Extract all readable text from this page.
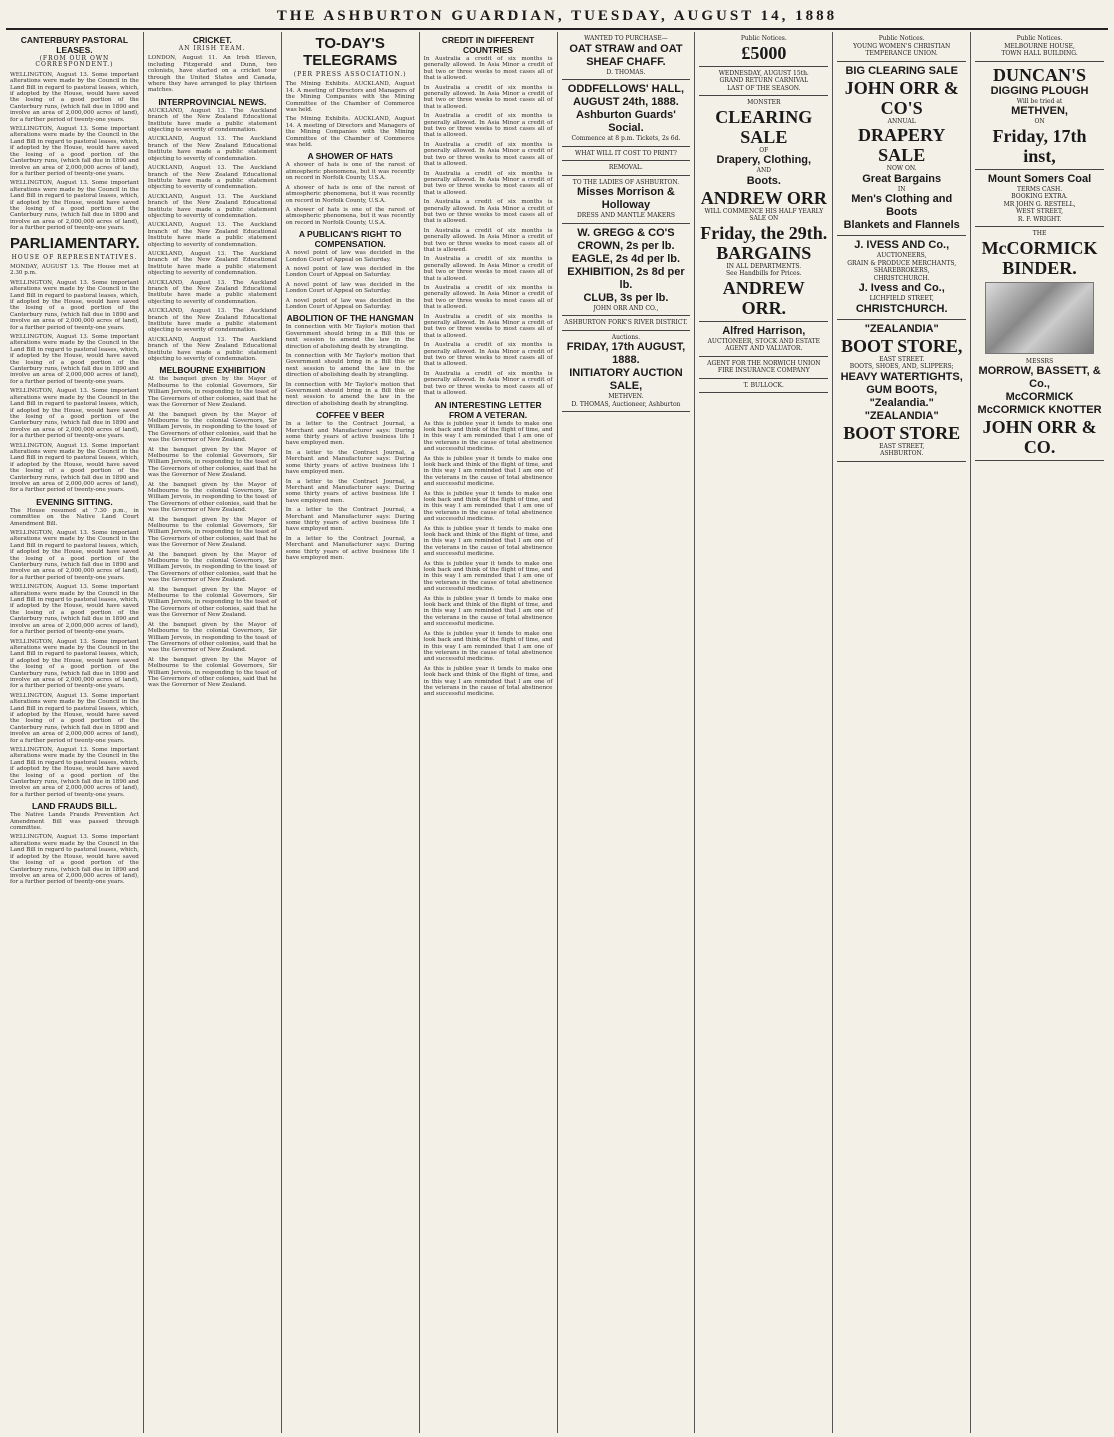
THE ASHBURTON GUARDIAN, TUESDAY, AUGUST 14, 1888
CANTERBURY PASTORAL LEASES.
(FROM OUR OWN CORRESPONDENT.)
WELLINGTON, August 13. Some important alterations were made by the Council in the Land Bill in regard to pastoral leases, which, if adopted by the House, would have saved the losing of a good portion of the Canterbury runs, (which fall due in 1890 and involve an area of 2,000,000 acres of land), for a further period of twenty-one years.
WELLINGTON, August 13. Some important alterations were made by the Council in the Land Bill in regard to pastoral leases, which, if adopted by the House, would have saved the losing of a good portion of the Canterbury runs, (which fall due in 1890 and involve an area of 2,000,000 acres of land), for a further period of twenty-one years.
WELLINGTON, August 13. Some important alterations were made by the Council in the Land Bill in regard to pastoral leases, which, if adopted by the House, would have saved the losing of a good portion of the Canterbury runs, (which fall due in 1890 and involve an area of 2,000,000 acres of land), for a further period of twenty-one years.
PARLIAMENTARY.
HOUSE OF REPRESENTATIVES.
MONDAY, AUGUST 13. The House met at 2.30 p.m.
WELLINGTON, August 13. Some important alterations were made by the Council in the Land Bill in regard to pastoral leases, which, if adopted by the House, would have saved the losing of a good portion of the Canterbury runs, (which fall due in 1890 and involve an area of 2,000,000 acres of land), for a further period of twenty-one years.
WELLINGTON, August 13. Some important alterations were made by the Council in the Land Bill in regard to pastoral leases, which, if adopted by the House, would have saved the losing of a good portion of the Canterbury runs, (which fall due in 1890 and involve an area of 2,000,000 acres of land), for a further period of twenty-one years.
WELLINGTON, August 13. Some important alterations were made by the Council in the Land Bill in regard to pastoral leases, which, if adopted by the House, would have saved the losing of a good portion of the Canterbury runs, (which fall due in 1890 and involve an area of 2,000,000 acres of land), for a further period of twenty-one years.
WELLINGTON, August 13. Some important alterations were made by the Council in the Land Bill in regard to pastoral leases, which, if adopted by the House, would have saved the losing of a good portion of the Canterbury runs, (which fall due in 1890 and involve an area of 2,000,000 acres of land), for a further period of twenty-one years.
EVENING SITTING.
The House resumed at 7.30 p.m., in committee on the Native Land Court Amendment Bill.
WELLINGTON, August 13. Some important alterations were made by the Council in the Land Bill in regard to pastoral leases, which, if adopted by the House, would have saved the losing of a good portion of the Canterbury runs, (which fall due in 1890 and involve an area of 2,000,000 acres of land), for a further period of twenty-one years.
WELLINGTON, August 13. Some important alterations were made by the Council in the Land Bill in regard to pastoral leases, which, if adopted by the House, would have saved the losing of a good portion of the Canterbury runs, (which fall due in 1890 and involve an area of 2,000,000 acres of land), for a further period of twenty-one years.
WELLINGTON, August 13. Some important alterations were made by the Council in the Land Bill in regard to pastoral leases, which, if adopted by the House, would have saved the losing of a good portion of the Canterbury runs, (which fall due in 1890 and involve an area of 2,000,000 acres of land), for a further period of twenty-one years.
WELLINGTON, August 13. Some important alterations were made by the Council in the Land Bill in regard to pastoral leases, which, if adopted by the House, would have saved the losing of a good portion of the Canterbury runs, (which fall due in 1890 and involve an area of 2,000,000 acres of land), for a further period of twenty-one years.
WELLINGTON, August 13. Some important alterations were made by the Council in the Land Bill in regard to pastoral leases, which, if adopted by the House, would have saved the losing of a good portion of the Canterbury runs, (which fall due in 1890 and involve an area of 2,000,000 acres of land), for a further period of twenty-one years.
LAND FRAUDS BILL.
The Native Lands Frauds Prevention Act Amendment Bill was passed through committee.
WELLINGTON, August 13. Some important alterations were made by the Council in the Land Bill in regard to pastoral leases, which, if adopted by the House, would have saved the losing of a good portion of the Canterbury runs, (which fall due in 1890 and involve an area of 2,000,000 acres of land), for a further period of twenty-one years.
CRICKET.
AN IRISH TEAM.
LONDON, August 11. An Irish Eleven, including Fitzgerald and Dunn, two colonists, have started on a cricket tour through the United States and Canada, where they have arranged to play thirteen matches.
INTERPROVINCIAL NEWS.
AUCKLAND, August 13. The Auckland branch of the New Zealand Educational Institute have made a public statement objecting to severity of condemnation.
AUCKLAND, August 13. The Auckland branch of the New Zealand Educational Institute have made a public statement objecting to severity of condemnation.
AUCKLAND, August 13. The Auckland branch of the New Zealand Educational Institute have made a public statement objecting to severity of condemnation.
AUCKLAND, August 13. The Auckland branch of the New Zealand Educational Institute have made a public statement objecting to severity of condemnation.
AUCKLAND, August 13. The Auckland branch of the New Zealand Educational Institute have made a public statement objecting to severity of condemnation.
AUCKLAND, August 13. The Auckland branch of the New Zealand Educational Institute have made a public statement objecting to severity of condemnation.
AUCKLAND, August 13. The Auckland branch of the New Zealand Educational Institute have made a public statement objecting to severity of condemnation.
AUCKLAND, August 13. The Auckland branch of the New Zealand Educational Institute have made a public statement objecting to severity of condemnation.
AUCKLAND, August 13. The Auckland branch of the New Zealand Educational Institute have made a public statement objecting to severity of condemnation.
MELBOURNE EXHIBITION
At the banquet given by the Mayor of Melbourne to the colonial Governors, Sir William Jervois, in responding to the toast of The Governors of other colonies, said that he was the Governor of New Zealand.
At the banquet given by the Mayor of Melbourne to the colonial Governors, Sir William Jervois, in responding to the toast of The Governors of other colonies, said that he was the Governor of New Zealand.
At the banquet given by the Mayor of Melbourne to the colonial Governors, Sir William Jervois, in responding to the toast of The Governors of other colonies, said that he was the Governor of New Zealand.
At the banquet given by the Mayor of Melbourne to the colonial Governors, Sir William Jervois, in responding to the toast of The Governors of other colonies, said that he was the Governor of New Zealand.
At the banquet given by the Mayor of Melbourne to the colonial Governors, Sir William Jervois, in responding to the toast of The Governors of other colonies, said that he was the Governor of New Zealand.
At the banquet given by the Mayor of Melbourne to the colonial Governors, Sir William Jervois, in responding to the toast of The Governors of other colonies, said that he was the Governor of New Zealand.
At the banquet given by the Mayor of Melbourne to the colonial Governors, Sir William Jervois, in responding to the toast of The Governors of other colonies, said that he was the Governor of New Zealand.
At the banquet given by the Mayor of Melbourne to the colonial Governors, Sir William Jervois, in responding to the toast of The Governors of other colonies, said that he was the Governor of New Zealand.
At the banquet given by the Mayor of Melbourne to the colonial Governors, Sir William Jervois, in responding to the toast of The Governors of other colonies, said that he was the Governor of New Zealand.
TO-DAY'S TELEGRAMS
(PER PRESS ASSOCIATION.)
The Mining Exhibits. AUCKLAND, August 14. A meeting of Directors and Managers of the Mining Companies with the Mining Committee of the Chamber of Commerce was held.
The Mining Exhibits. AUCKLAND, August 14. A meeting of Directors and Managers of the Mining Companies with the Mining Committee of the Chamber of Commerce was held.
A SHOWER OF HATS
A shower of hats is one of the rarest of atmospheric phenomena, but it was recently on record in Norfolk County, U.S.A.
A shower of hats is one of the rarest of atmospheric phenomena, but it was recently on record in Norfolk County, U.S.A.
A shower of hats is one of the rarest of atmospheric phenomena, but it was recently on record in Norfolk County, U.S.A.
A PUBLICAN'S RIGHT TO COMPENSATION.
A novel point of law was decided in the London Court of Appeal on Saturday.
A novel point of law was decided in the London Court of Appeal on Saturday.
A novel point of law was decided in the London Court of Appeal on Saturday.
A novel point of law was decided in the London Court of Appeal on Saturday.
ABOLITION OF THE HANGMAN
In connection with Mr Taylor's motion that Government should bring in a Bill this or next session to amend the law in the direction of abolishing death by strangling.
In connection with Mr Taylor's motion that Government should bring in a Bill this or next session to amend the law in the direction of abolishing death by strangling.
In connection with Mr Taylor's motion that Government should bring in a Bill this or next session to amend the law in the direction of abolishing death by strangling.
COFFEE V BEER
In a letter to the Contract Journal, a Merchant and Manufacturer says: During some thirty years of active business life I have employed men.
In a letter to the Contract Journal, a Merchant and Manufacturer says: During some thirty years of active business life I have employed men.
In a letter to the Contract Journal, a Merchant and Manufacturer says: During some thirty years of active business life I have employed men.
In a letter to the Contract Journal, a Merchant and Manufacturer says: During some thirty years of active business life I have employed men.
In a letter to the Contract Journal, a Merchant and Manufacturer says: During some thirty years of active business life I have employed men.
CREDIT IN DIFFERENT COUNTRIES
In Australia a credit of six months is generally allowed. In Asia Minor a credit of but two or three weeks to most cases all of that is allowed.
In Australia a credit of six months is generally allowed. In Asia Minor a credit of but two or three weeks to most cases all of that is allowed.
In Australia a credit of six months is generally allowed. In Asia Minor a credit of but two or three weeks to most cases all of that is allowed.
In Australia a credit of six months is generally allowed. In Asia Minor a credit of but two or three weeks to most cases all of that is allowed.
In Australia a credit of six months is generally allowed. In Asia Minor a credit of but two or three weeks to most cases all of that is allowed.
In Australia a credit of six months is generally allowed. In Asia Minor a credit of but two or three weeks to most cases all of that is allowed.
In Australia a credit of six months is generally allowed. In Asia Minor a credit of but two or three weeks to most cases all of that is allowed.
In Australia a credit of six months is generally allowed. In Asia Minor a credit of but two or three weeks to most cases all of that is allowed.
In Australia a credit of six months is generally allowed. In Asia Minor a credit of but two or three weeks to most cases all of that is allowed.
In Australia a credit of six months is generally allowed. In Asia Minor a credit of but two or three weeks to most cases all of that is allowed.
In Australia a credit of six months is generally allowed. In Asia Minor a credit of but two or three weeks to most cases all of that is allowed.
In Australia a credit of six months is generally allowed. In Asia Minor a credit of but two or three weeks to most cases all of that is allowed.
AN INTERESTING LETTER FROM A VETERAN.
As this is jubilee year it tends to make one look back and think of the flight of time, and in this way I am reminded that I am one of the veterans in the cause of total abstinence and successful medicine.
As this is jubilee year it tends to make one look back and think of the flight of time, and in this way I am reminded that I am one of the veterans in the cause of total abstinence and successful medicine.
As this is jubilee year it tends to make one look back and think of the flight of time, and in this way I am reminded that I am one of the veterans in the cause of total abstinence and successful medicine.
As this is jubilee year it tends to make one look back and think of the flight of time, and in this way I am reminded that I am one of the veterans in the cause of total abstinence and successful medicine.
As this is jubilee year it tends to make one look back and think of the flight of time, and in this way I am reminded that I am one of the veterans in the cause of total abstinence and successful medicine.
As this is jubilee year it tends to make one look back and think of the flight of time, and in this way I am reminded that I am one of the veterans in the cause of total abstinence and successful medicine.
As this is jubilee year it tends to make one look back and think of the flight of time, and in this way I am reminded that I am one of the veterans in the cause of total abstinence and successful medicine.
As this is jubilee year it tends to make one look back and think of the flight of time, and in this way I am reminded that I am one of the veterans in the cause of total abstinence and successful medicine.
WANTED TO PURCHASE—
OAT STRAW and OAT SHEAF CHAFF.
D. THOMAS.
ODDFELLOWS' HALL,
AUGUST 24th, 1888.
Ashburton Guards' Social.
Commence at 8 p.m. Tickets, 2s 6d.
WHAT WILL IT COST TO PRINT?
REMOVAL.
TO THE LADIES OF ASHBURTON.
Misses Morrison & Holloway
DRESS AND MANTLE MAKERS
W. GREGG & CO'S
CROWN, 2s per lb.
EAGLE, 2s 4d per lb.
EXHIBITION, 2s 8d per lb.
CLUB, 3s per lb.
JOHN ORR AND CO.,
ASHBURTON FORK'S RIVER DISTRICT.
Auctions.
FRIDAY, 17th AUGUST, 1888.
INITIATORY AUCTION SALE,
METHVEN.
D. THOMAS, Auctioneer, Ashburton
Public Notices.
£5000
WEDNESDAY, AUGUST 15th.
GRAND RETURN CARNIVAL
LAST OF THE SEASON.
MONSTER
CLEARING SALE
OF
Drapery, Clothing,
AND
Boots.
ANDREW ORR
WILL COMMENCE HIS HALF YEARLY SALE ON
Friday, the 29th.
BARGAINS
IN ALL DEPARTMENTS.
See Handbills for Prices.
ANDREW ORR.
Alfred Harrison,
AUCTIONEER, STOCK AND ESTATE AGENT AND VALUATOR.
AGENT FOR THE NORWICH UNION FIRE INSURANCE COMPANY
T. BULLOCK.
Public Notices.
YOUNG WOMEN'S CHRISTIAN TEMPERANCE UNION.
BIG CLEARING SALE
JOHN ORR & CO'S
ANNUAL
DRAPERY SALE
NOW ON.
Great Bargains
IN
Men's Clothing and Boots
Blankets and Flannels
J. IVESS AND Co.,
AUCTIONEERS,
GRAIN & PRODUCE MERCHANTS,
SHAREBROKERS,
CHRISTCHURCH.
J. Ivess and Co.,
LICHFIELD STREET,
CHRISTCHURCH.
"ZEALANDIA"
BOOT STORE,
EAST STREET.
BOOTS, SHOES, AND, SLIPPERS;
HEAVY WATERTIGHTS,
GUM BOOTS,
"Zealandia."
"ZEALANDIA"
BOOT STORE
EAST STREET,
ASHBURTON.
Public Notices.
MELBOURNE HOUSE,
TOWN HALL BUILDING.
DUNCAN'S
DIGGING PLOUGH
Will be tried at
METHVEN,
ON
Friday, 17th inst,
Mount Somers Coal
TERMS CASH.
BOOKING EXTRA.
MR JOHN G. RESTELL,
WEST STREET,
R. F. WRIGHT.
THE
McCORMICK
BINDER.
MESSRS
MORROW, BASSETT, & Co.,
McCORMICK
McCORMICK KNOTTER
JOHN ORR & CO.
